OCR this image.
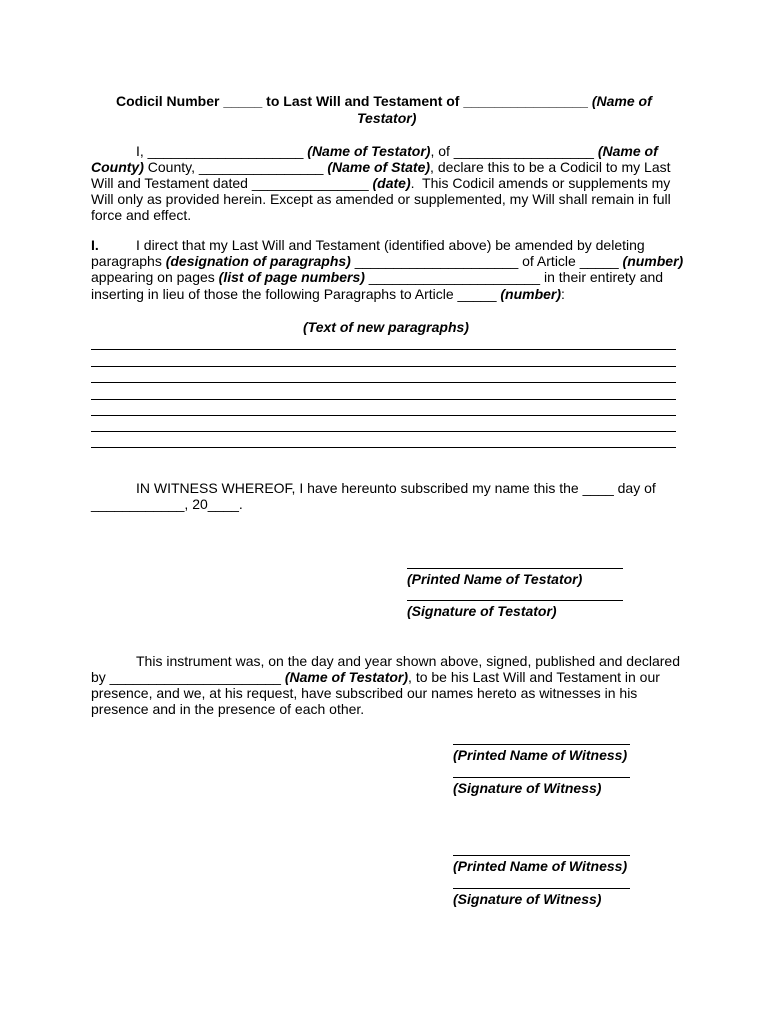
Codicil Number _____ to Last Will and Testament of ________________ (Name of
Testator)
I, ____________________ (Name of Testator), of __________________ (Name of
County) County, ________________ (Name of State), declare this to be a Codicil to my Last
Will and Testament dated _______________ (date).  This Codicil amends or supplements my
Will only as provided herein. Except as amended or supplemented, my Will shall remain in full
force and effect.
I.	I direct that my Last Will and Testament (identified above) be amended by deleting
paragraphs (designation of paragraphs) _____________________ of Article _____ (number)
appearing on pages (list of page numbers) ______________________ in their entirety and
inserting in lieu of those the following Paragraphs to Article _____ (number):
(Text of new paragraphs)
IN WITNESS WHEREOF, I have hereunto subscribed my name this the ____ day of
____________, 20____.
(Printed Name of Testator)
(Signature of Testator)
This instrument was, on the day and year shown above, signed, published and declared
by ______________________ (Name of Testator), to be his Last Will and Testament in our
presence, and we, at his request, have subscribed our names hereto as witnesses in his
presence and in the presence of each other.
(Printed Name of Witness)
(Signature of Witness)
(Printed Name of Witness)
(Signature of Witness)
